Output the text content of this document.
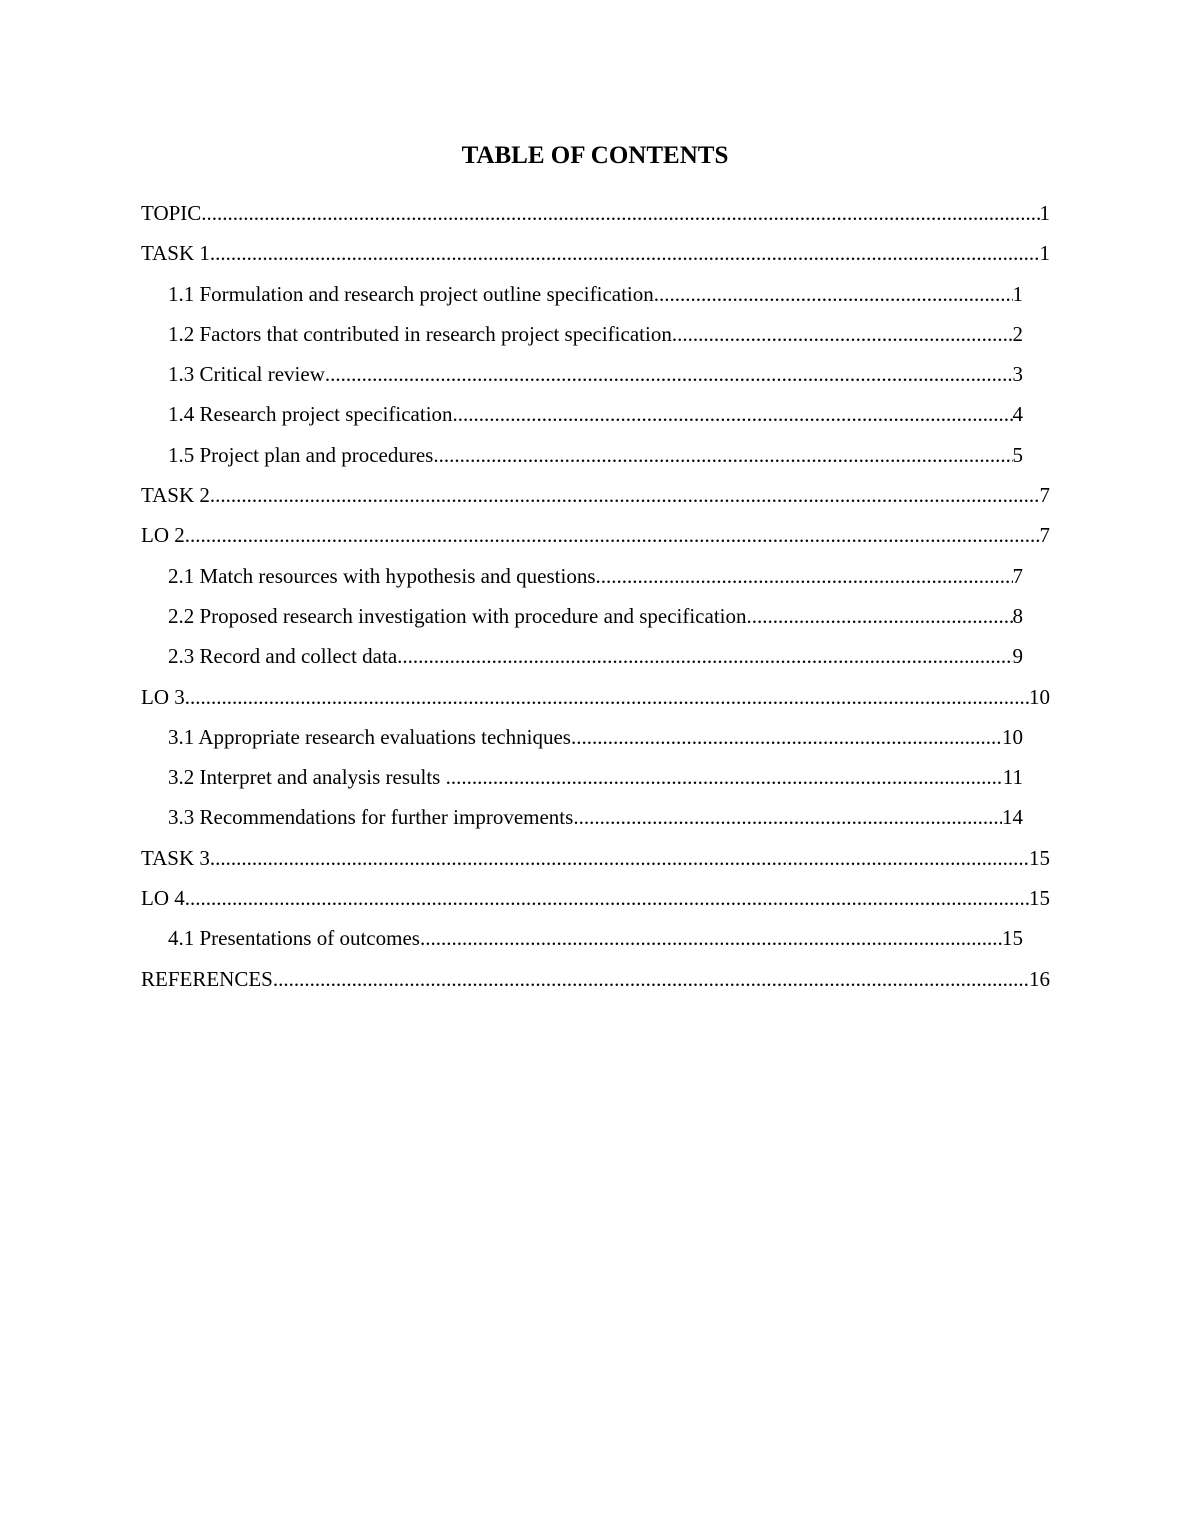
TABLE OF CONTENTS
TOPIC .....	1
TASK 1 .....	1
1.1 Formulation and research project outline specification .....	1
1.2 Factors that contributed in research project specification .....	2
1.3 Critical review .....	3
1.4 Research project specification .....	4
1.5 Project plan and procedures .....	5
TASK 2 .....	7
LO 2 .....	7
2.1 Match resources with hypothesis and questions .....	7
2.2 Proposed research investigation with procedure and specification .....	8
2.3 Record and collect data .....	9
LO 3 .....	10
3.1 Appropriate research evaluations techniques .....	10
3.2 Interpret and analysis results .....	11
3.3 Recommendations for further improvements .....	14
TASK 3 .....	15
LO 4 .....	15
4.1 Presentations of outcomes .....	15
REFERENCES .....	16
